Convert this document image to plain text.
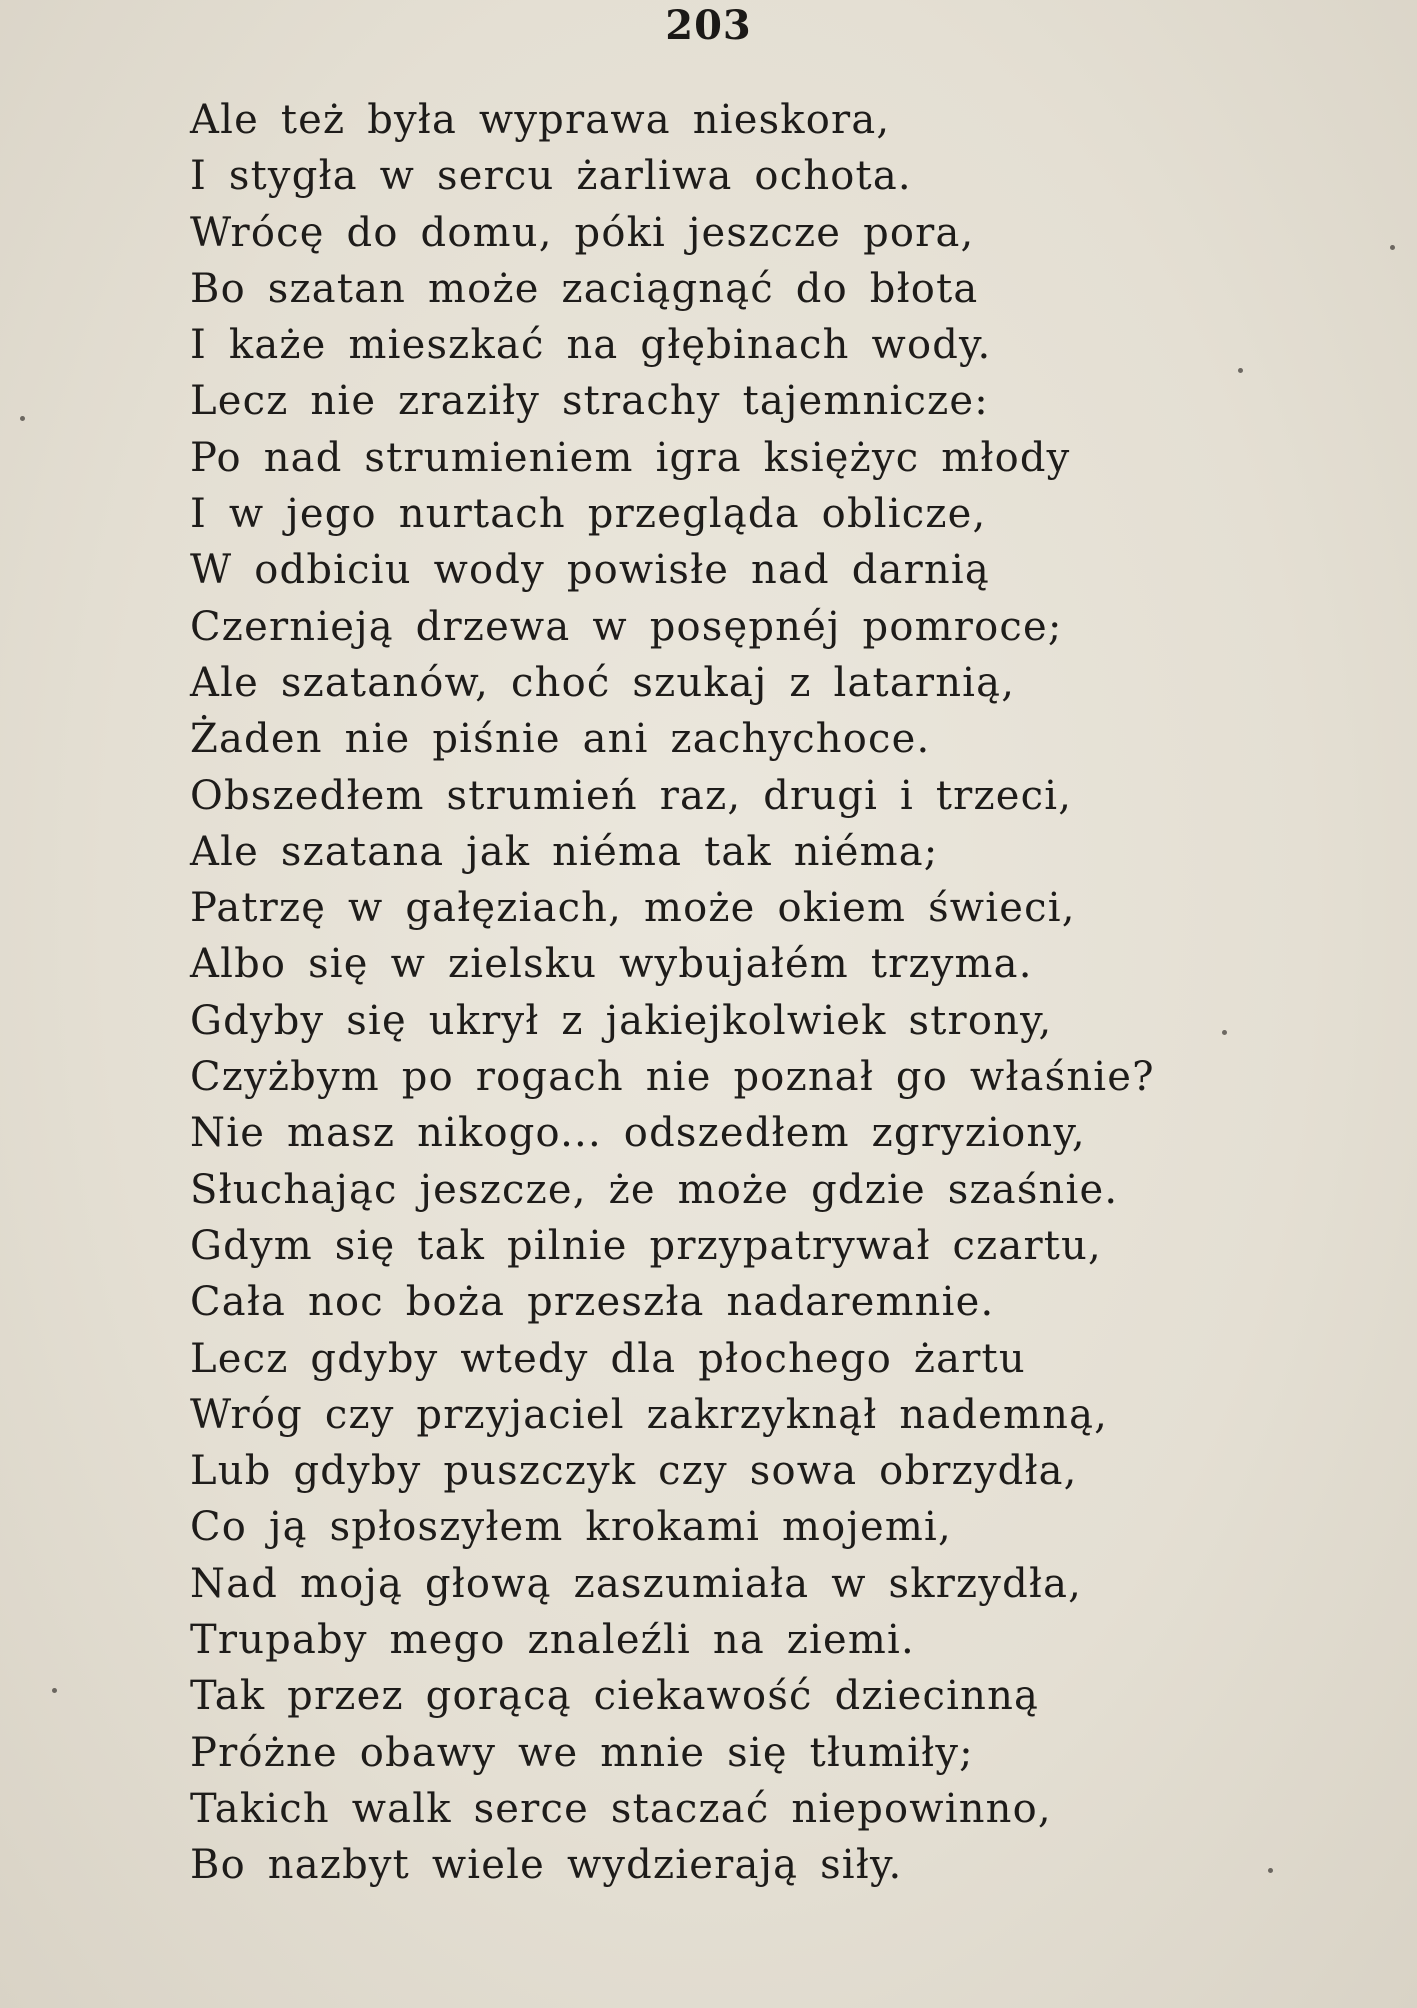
203
Ale też była wyprawa nieskora,
I stygła w sercu żarliwa ochota.
Wrócę do domu, póki jeszcze pora,
Bo szatan może zaciągnąć do błota
I każe mieszkać na głębinach wody.
Lecz nie zraziły strachy tajemnicze:
Po nad strumieniem igra księżyc młody
I w jego nurtach przegląda oblicze,
W odbiciu wody powisłe nad darnią
Czernieją drzewa w posępnéj pomroce;
Ale szatanów, choć szukaj z latarnią,
Żaden nie piśnie ani zachychoce.
Obszedłem strumień raz, drugi i trzeci,
Ale szatana jak niéma tak niéma;
Patrzę w gałęziach, może okiem świeci,
Albo się w zielsku wybujałém trzyma.
Gdyby się ukrył z jakiejkolwiek strony,
Czyżbym po rogach nie poznał go właśnie?
Nie masz nikogo... odszedłem zgryziony,
Słuchając jeszcze, że może gdzie szaśnie.
Gdym się tak pilnie przypatrywał czartu,
Cała noc boża przeszła nadaremnie.
Lecz gdyby wtedy dla płochego żartu
Wróg czy przyjaciel zakrzyknął nademną,
Lub gdyby puszczyk czy sowa obrzydła,
Co ją spłoszyłem krokami mojemi,
Nad moją głową zaszumiała w skrzydła,
Trupaby mego znaleźli na ziemi.
Tak przez gorącą ciekawość dziecinną
Próżne obawy we mnie się tłumiły;
Takich walk serce staczać niepowinno,
Bo nazbyt wiele wydzierają siły.
